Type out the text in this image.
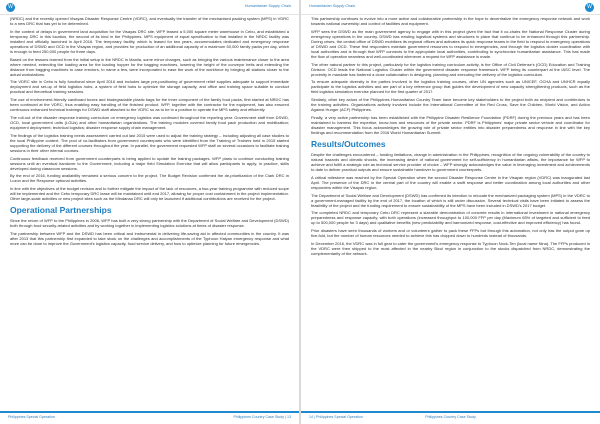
W	Humanitarian Supply Chain

(NRDC) and the recently opened Visayas Disaster Response Centre (VDRC), and eventually the transfer of the mechanised packing system (MPS) in VDRC to a new DRC that has yet to be determined.

In the context of delays in government land acquisition for the Visayas DRC site, WFP leased a 5,000 square meter warehouse in Cebu, and established a temporary DRC in this location, the second of its kind in the Philippines. MPS equipment of equal specification to that installed in the NRDC facility was installed and officially launched in April 2016. The temporary facility, which is leased for two years, accommodates dedicated and emergency response operations of DSWD and OCD in the Visayas region, and provides for production of an additional capacity of a maximum 50,000 family packs per day, which is enough to feed 250,000 people for three days.

Based on the lessons learned from the initial setup in the NRDC in Manila, some minor changes, such as bringing the various maintenance closer to the area where needed, extending the loading area for the loading hopper for the bagging machines, lowering the height of the conveyor belts and extending the distance from bagging machines to case erectors, to name a few, were incorporated to ease the work of the workforce by bringing all stations closer to the actual workstations.

The VDRC site in Cebu is fully functional since April 2016 and includes large pre-positioning of government relief supplies adequate to support immediate deployment and set-up of field logistics hubs, a system of field hubs to optimize the storage capacity, and office and training space suitable to conduct practical and theoretical training sessions.

The use of environment-friendly cardboard boxes and biodegradable plastic bags for the inner component of the family food packs, first started at NRDC has been continued at the VDRC, thus enabling easy handling of the finished product. WFP, together with the contractor for the equipment, has also ensured continuous enhanced technical trainings for DSWD staff attached to the VDRC so as to be in a position to operate the MPS safely and efficiently.

The roll-out of the disaster response training curriculum on emergency logistics was continued throughout the reporting year. Government staff from DSWD, OCD, local government units (LGUs) and other humanitarian organizations. The training modules covered family food pack production and mobilization; equipment deployment; technical logistics; disaster response supply chain management.

The findings of the logistics training needs assessment carried out last 2015 were used to adjust the training strategy – including adjusting all case studies to the local Philippine context. The pool of co-facilitators from government counterparts who were identified from the Training of Trainers held in 2015 started supporting the delivery of the different courses throughout the year. In parallel, the government requested WFP staff on several occasions to facilitate training sessions in their other internal courses.

Continuous feedback received from government counterparts is being applied to update the training packages. WFP plans to continue conducting training sessions until an eventual handover to the Government, including a major field Simulation Exercise that will allow participants to apply, in practice, skills developed during classroom sessions.

By the end of 2016, funding availability remained a serious concern to the project. The Budget Revision confirmed the de-prioritization of the Clark DRC in Luzon and the Response optional activities.

In line with the objectives of the budget revision and to further mitigate the impact of the lack of resources, a two-year training programme with reduced scope will be implemented and the Cebu temporary DRC lease will be maintained until end 2017, allowing for proper cost containment in the project implementation. Other large-scale activities or new project sites such as the Mindanao DRC will only be launched if additional contributions are received for the project.

Operational Partnerships

Since the return of WFP to the Philippines in 2006, WFP has built a very strong partnership with the Department of Social Welfare and Development (DSWD) both through food security-related activities and by working together in implementing logistics solutions at times of disaster response.

The partnership between WFP and the DSWD has been critical and instrumental in delivering life-saving aid in affected communities in the country. It was after 2013 that this partnership first expanded to take stock on the challenges and accomplishments of the Typhoon Haiyan emergency response and what more can be done to improve the Government's logistics capacity, food service delivery, and how to optimize planning for future emergencies.

Philippines Special Operation	Philippines Country Case Study | 13
Humanitarian Supply Chain	W

This partnership continues to evolve into a more active and collaborative partnership in the hope to decentralize the emergency response network and work towards national ownership and control of facilities and equipment.

WFP sees the DSWD as the main government agency to engage with in this project given the fact that it co-chairs the National Response Cluster during emergency operations in the country. DSWD has existing logistical systems and structures in place that continue to be enhanced through this partnership. During crises, the central office of DSWD mobilizes its regional offices and activates its quick response teams in the field to respond to emergency operations of DSWD and OCD. These first responders maintain government resources to respond to emergencies, and through the logistics cluster coordination with local authorities and is through that WFP connects to the appropriate local authorities, contributing to synchronize humanitarian assistance. This has made the flow of operation seamless and well-coordinated whenever a request for WFP assistance is made.

The other natural partner to this project, particularly for the logistics training curriculum activity, is the Office of Civil Defense's (OCD) Education and Training Division. OCD leads the National Logistics Cluster within the government disaster response framework. WFP being its counterpart at the IASC level. The proximity in mandate has fostered a close collaboration in designing, planning and executing the delivery of the logistics curriculum.

To ensure adequate diversity in the parties involved in the logistics training courses, other UN agencies such as UNICEF, OCHA and UNHCR equally participate to the logistics activities and are part of a key reference group that guides the development of new capacity strengthening products, such as the field logistics simulation exercise planned for the first quarter of 2017.

Similarly, other key actors of the Philippines Humanitarian Country Team have become key stakeholders to the project both as recipient and contributors to the training activities. Organizations actively involved include the International Committee of the Red Cross, Save the Children, World Vision, and Action Against Hunger (ACF) Philippines.

Finally, a very active partnership has been established with the Philippine Disaster Resilience Foundation (PDRF) during the previous years and has been maintained to harness the expertise, know-how and resources of the private sector. PDRF is Philippines' major private sector vehicle and coordinator for disaster management. This focus acknowledges the growing role of private sector entities into disaster preparedness and response in line with the key findings and recommendation from the 2016 World Humanitarian Summit.

Results/Outcomes

Despite the challenges encountered – funding limitations, change in administration in the Philippines, recognition of the ongoing vulnerability of the country to natural hazards and climatic shocks, the increasing desire of national government for self-sufficiency in humanitarian affairs, the importance for WFP to achieve and fulfill a strategic role as technical service provider of choice – WFP strongly acknowledges the value in leveraging investment and achievements to date to deliver practical outputs and ensure sustainable handover to government counterparts.

A critical milestone was reached by the Special Operation when the second Disaster Response Centre in the Visayan region (VDRC) was inaugurated last April. The presence of the DRC in the central part of the country will enable a swift response and better coordination among local authorities and other responders within the Visayas region.

The Department of Social Welfare and Development (DSWD) has confirmed its intention to relocate the mechanized packaging system (MPS) in the VDRC to a government-managed facility by the end of 2017, the location of which is still under discussion. Several technical visits have been initiated to assess the feasibility of the project and the funding requirement to ensure sustainability of the MPS have been included in DSWD's 2017 budget.

The completed NRDC and temporary Cebu DRC represent a sizeable demonstration of concrete results in international investment in national emergency preparedness and response capacity, with both operations (increased throughput to 100,000 FFP per day (Maximum 65% of targeted and sufficient to feed up to 500,000 people for 3 days) and qualitative benefits (new predictability and harmonized response, cost-effective and improved efficiency) has found.

Prior disasters have seen thousands of workers and or volunteers gather to pack these FFPs but through this automation, not only has the output gone up five-fold, but the number of human resources needed to achieve this has dropped down to hundreds instead of thousands.

In December 2016, the VDRC was in full gear to cater the government's emergency response to Typhoon Nock-Ten (local name Nina). The FFPs produced in the VDRC were then shipped to the most affected in the nearby Bicol region in conjunction to the stocks dispatched from NRDC, demonstrating the complementarity of the network.

14 | Philippines Special Operation	Philippines Country Case Study
